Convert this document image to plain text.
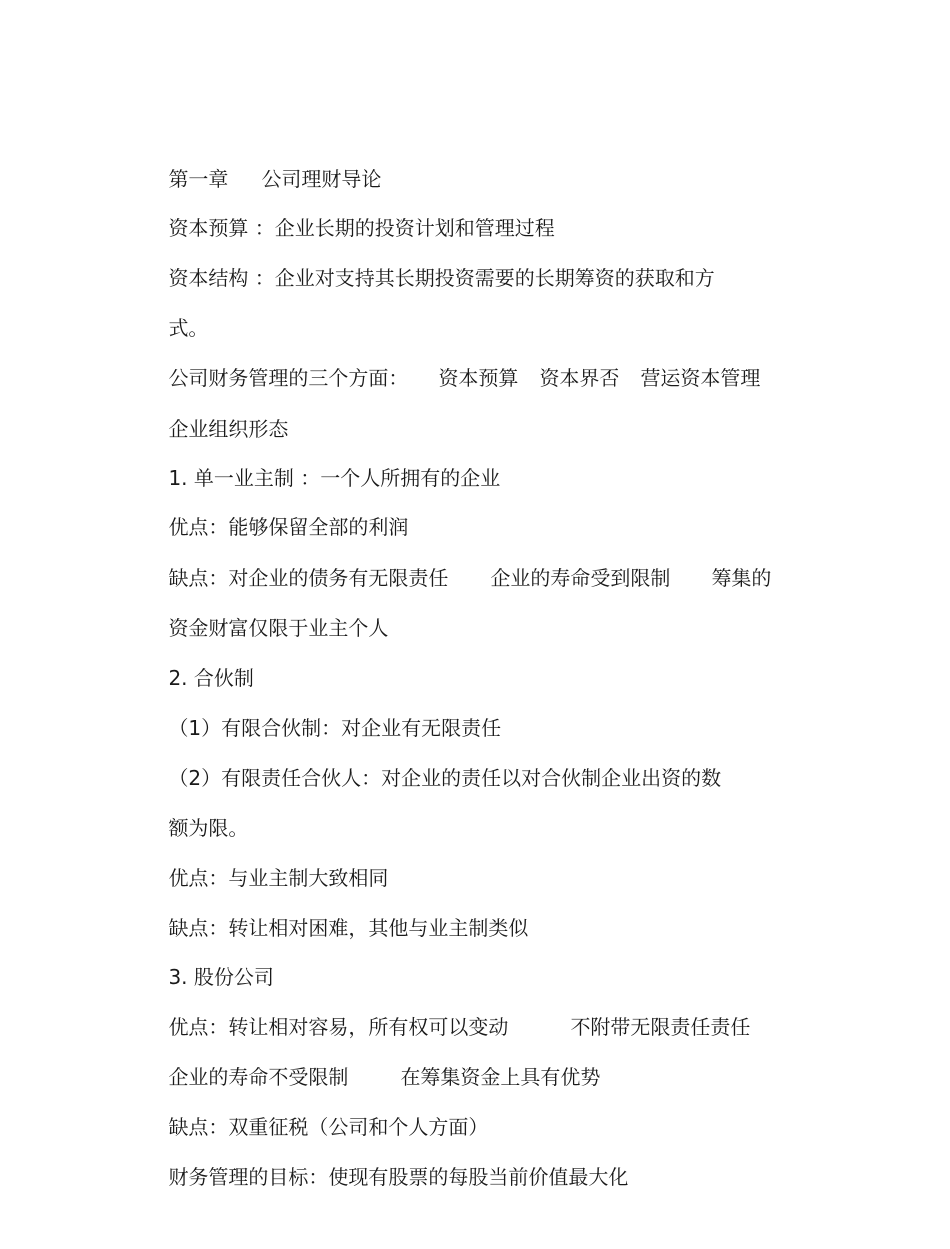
第一章 公司理财导论

资本预算 ：企业长期的投资计划和管理过程

资本结构 ：企业对支持其长期投资需要的长期筹资的获取和方

式。

公司财务管理的三个方面： 资本预算 资本界否 营运资本管理

企业组织形态

1. 单一业主制 ：一个人所拥有的企业

优点：能够保留全部的利润

缺点：对企业的债务有无限责任 企业的寿命受到限制 筹集的

资金财富仅限于业主个人

2. 合伙制

（1）有限合伙制：对企业有无限责任

（2）有限责任合伙人：对企业的责任以对合伙制企业出资的数

额为限。

优点：与业主制大致相同

缺点：转让相对困难，其他与业主制类似

3. 股份公司

优点：转让相对容易，所有权可以变动	不附带无限责任责任

企业的寿命不受限制	在筹集资金上具有优势

缺点：双重征税（公司和个人方面）

财务管理的目标：使现有股票的每股当前价值最大化
